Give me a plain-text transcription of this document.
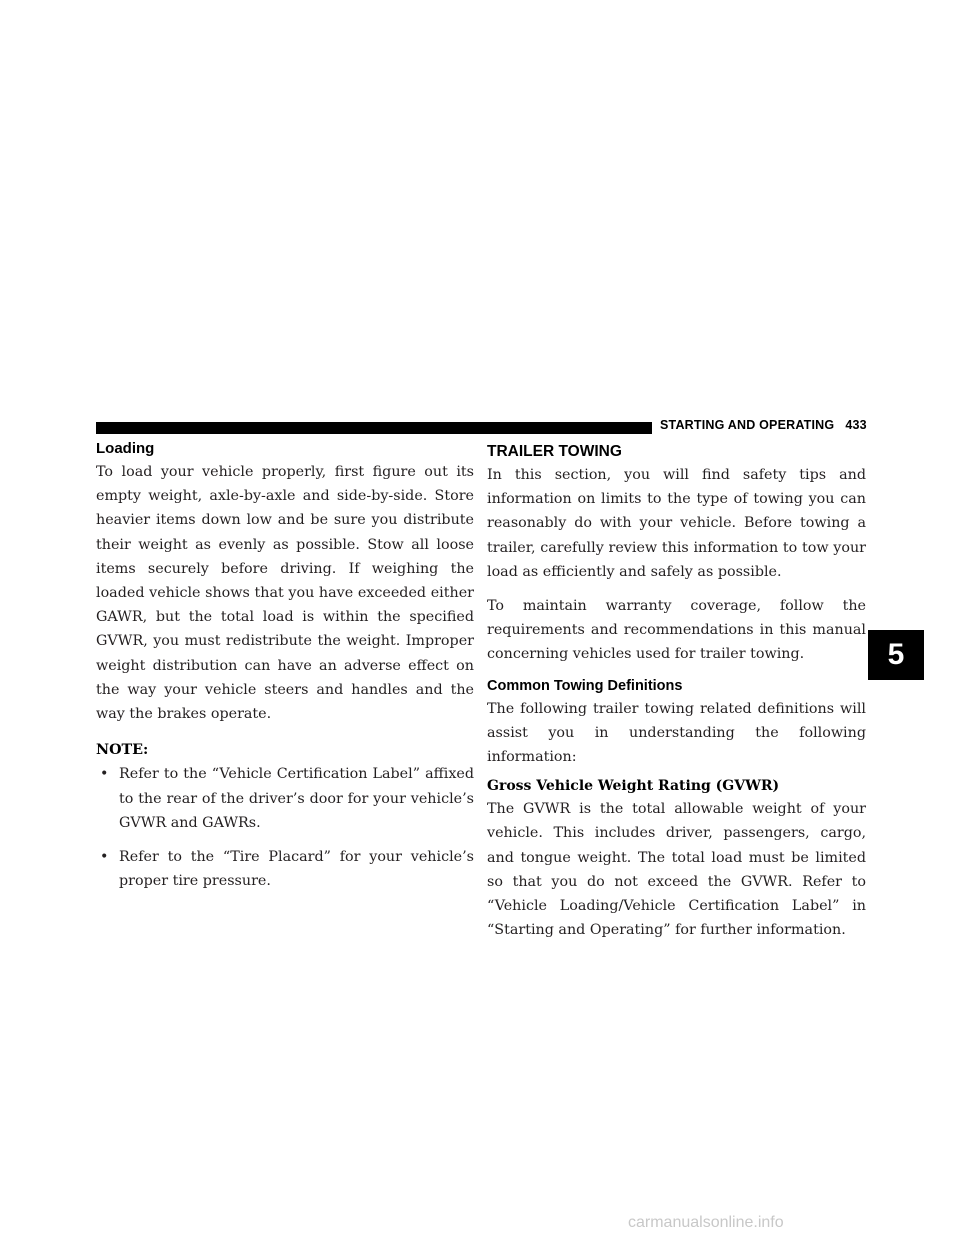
STARTING AND OPERATING 433
Loading

To load your vehicle properly, first figure out its empty weight, axle-by-axle and side-by-side. Store heavier items down low and be sure you distribute their weight as evenly as possible. Stow all loose items securely before driving. If weighing the loaded vehicle shows that you have exceeded either GAWR, but the total load is within the specified GVWR, you must redistribute the weight. Improper weight distribution can have an adverse effect on the way your vehicle steers and handles and the way the brakes operate.

NOTE:
• Refer to the “Vehicle Certification Label” affixed to the rear of the driver’s door for your vehicle’s GVWR and GAWRs.
• Refer to the “Tire Placard” for your vehicle’s proper tire pressure.
TRAILER TOWING

In this section, you will find safety tips and information on limits to the type of towing you can reasonably do with your vehicle. Before towing a trailer, carefully review this information to tow your load as efficiently and safely as possible.

To maintain warranty coverage, follow the requirements and recommendations in this manual concerning vehicles used for trailer towing.

Common Towing Definitions

The following trailer towing related definitions will assist you in understanding the following information:

Gross Vehicle Weight Rating (GVWR)

The GVWR is the total allowable weight of your vehicle. This includes driver, passengers, cargo, and tongue weight. The total load must be limited so that you do not exceed the GVWR. Refer to “Vehicle Loading/Vehicle Certification Label” in “Starting and Operating” for further information.

5
carmanualsonline.info
